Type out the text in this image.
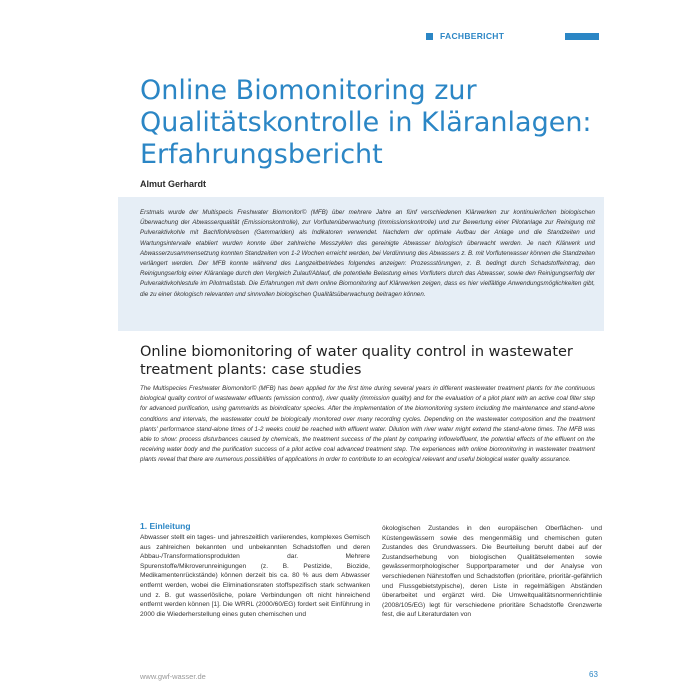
FACHBERICHT
Online Biomonitoring zur Qualitätskontrolle in Kläranlagen: Erfahrungsbericht
Almut Gerhardt

Erstmals wurde der Multispecis Freshwater Biomonitor© (MFB) über mehrere Jahre an fünf verschiedenen Klärwerken zur kontinuierlichen biologischen Überwachung der Abwasserqualität (Emissionskontrolle), zur Vorflutenüberwachung (Immissionskontrolle) und zur Bewertung einer Pilotanlage zur Reinigung mit Pulveraktivkohle mit Bachflohkrebsen (Gammariden) als Indikatoren verwendet. Nachdem der optimale Aufbau der Anlage und die Standzeiten und Wartungsintervalle etabliert wurden konnte über zahlreiche Messzyklen das gereinigte Abwasser biologisch überwacht werden. Je nach Klärwerk und Abwasserzusammensetzung konnten Standzeiten von 1-2 Wochen erreicht werden, bei Verdünnung des Abwassers z. B. mit Vorfluterwasser können die Standzeiten verlängert werden. Der MFB konnte während des Langzeitbetriebes folgendes anzeigen: Prozessstörungen, z. B. bedingt durch Schadstoffeintrag, den Reinigungserfolg einer Kläranlage durch den Vergleich Zulauf/Ablauf, die potentielle Belastung eines Vorfluters durch das Abwasser, sowie den Reinigungserfolg der Pulveraktivkohlestufe im Pilotmaßstab. Die Erfahrungen mit dem online Biomonitoring auf Klärwerken zeigen, dass es hier vielfältige Anwendungsmöglichkeiten gibt, die zu einer ökologisch relevanten und sinnvollen biologischen Qualitätsüberwachung beitragen können.

Online biomonitoring of water quality control in wastewater treatment plants: case studies

The Multispecies Freshwater Biomonitor© (MFB) has been applied for the first time during several years in different wastewater treatment plants for the continuous biological quality control of wastewater effluents (emission control), river quality (immission quality) and for the evaluation of a pilot plant with an active coal filter step for advanced purification, using gammarids as bioindicator species. After the implementation of the biomonitoring system including the maintenance and stand-alone conditions and intervals, the wastewater could be biologically monitored over many recording cycles. Depending on the wastewater composition and the treatment plants' performance stand-alone times of 1-2 weeks could be reached with effluent water. Dilution with river water might extend the stand-alone times. The MFB was able to show: process disturbances caused by chemicals, the treatment success of the plant by comparing inflow/effluent, the potential effects of the effluent on the receiving water body and the purification success of a pilot active coal advanced treatment step. The experiences with online biomonitoring in wastewater treatment plants reveal that there are numerous possibilities of applications in order to contribute to an ecological relevant and useful biological water quality assurance.

1. Einleitung

Abwasser stellt ein tages- und jahreszeitlich variierendes, komplexes Gemisch aus zahlreichen bekannten und unbekannten Schadstoffen und deren Abbau-/Transformationsprodukten dar. Mehrere Spurenstoffe/Mikroverunreinigungen (z. B. Pestizide, Biozide, Medikamentenrückstände) können derzeit bis ca. 80 % aus dem Abwasser entfernt werden, wobei die Eliminationsraten stoffspezifisch stark schwanken und z. B. gut wasserlösliche, polare Verbindungen oft nicht hinreichend entfernt werden können [1]. Die WRRL (2000/60/EG) fordert seit Einführung in 2000 die Wiederherstellung eines guten chemischen und

ökologischen Zustandes in den europäischen Oberflächen- und Küstengewässern sowie des mengenmäßig und chemischen guten Zustandes des Grundwassers. Die Beurteilung beruht dabei auf der Zustandserhebung von biologischen Qualitätselementen sowie gewässermorphologischer Supportparameter und der Analyse von verschiedenen Nährstoffen und Schadstoffen (prioritäre, prioritär-gefährlich und Flussgebietstypische), deren Liste in regelmäßigen Abständen überarbeitet und ergänzt wird. Die Umweltqualitätsnormenrichtlinie (2008/105/EG) legt für verschiedene prioritäre Schadstoffe Grenzwerte fest, die auf Literaturdaten von

www.gwf-wasser.de	63
